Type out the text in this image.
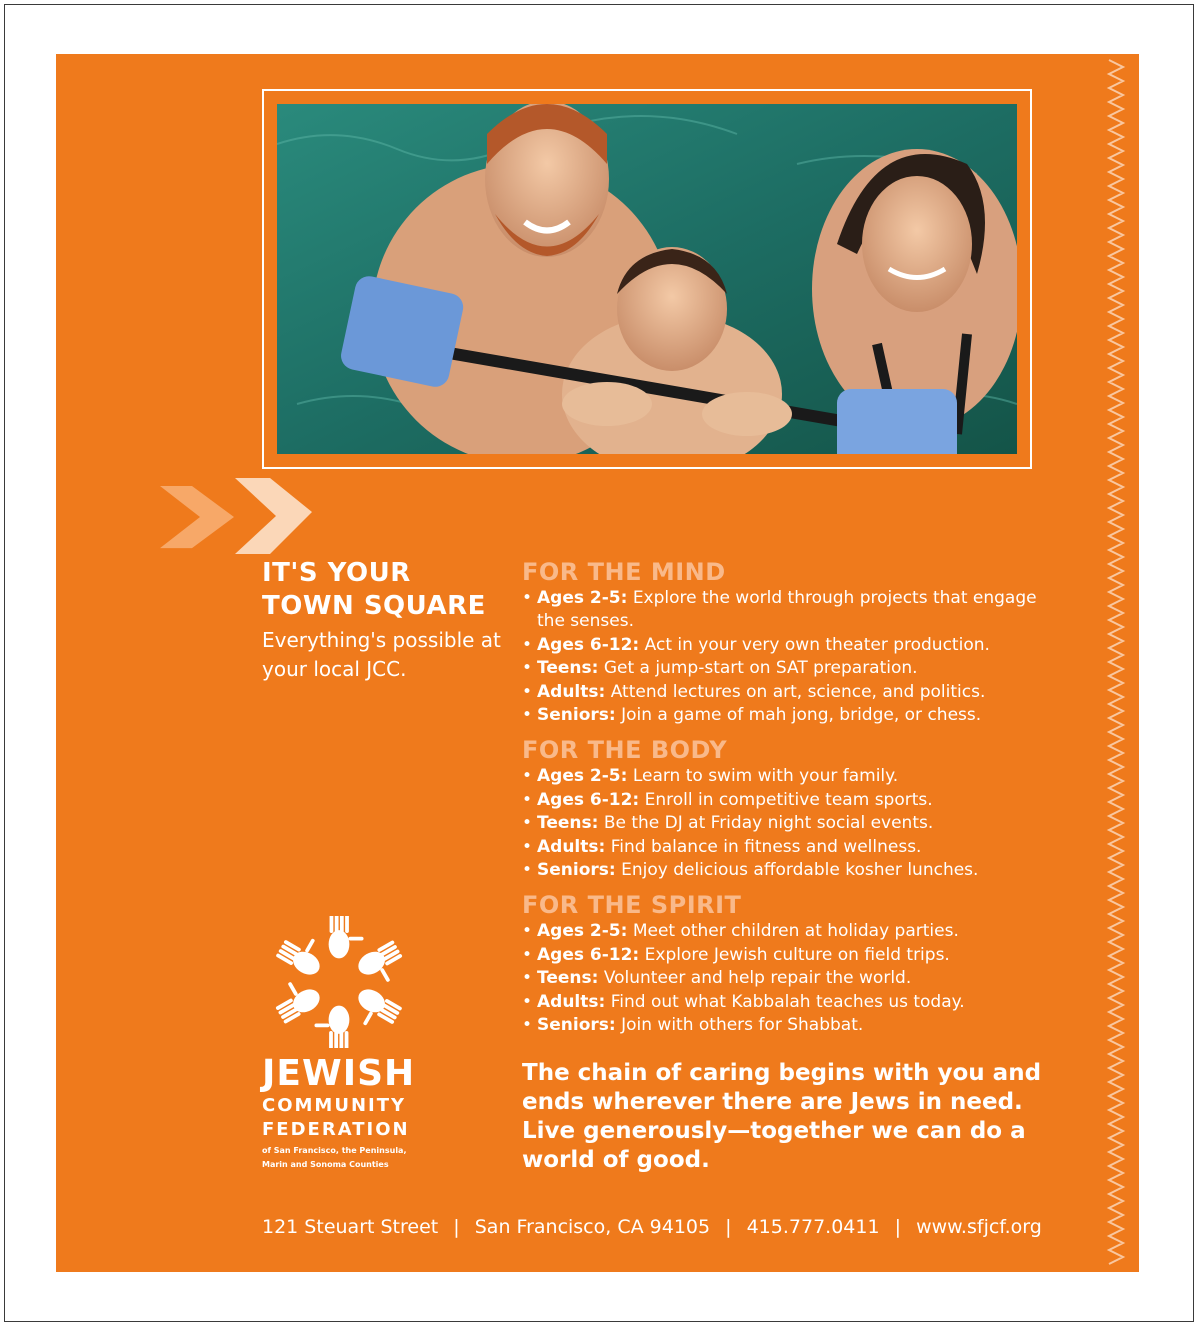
IT'S YOUR
TOWN SQUARE
Everything's possible at your local JCC.
FOR THE MIND
• Ages 2-5: Explore the world through projects that engage the senses.
• Ages 6-12: Act in your very own theater production.
• Teens: Get a jump-start on SAT preparation.
• Adults: Attend lectures on art, science, and politics.
• Seniors: Join a game of mah jong, bridge, or chess.
FOR THE BODY
• Ages 2-5: Learn to swim with your family.
• Ages 6-12: Enroll in competitive team sports.
• Teens: Be the DJ at Friday night social events.
• Adults: Find balance in fitness and wellness.
• Seniors: Enjoy delicious affordable kosher lunches.
FOR THE SPIRIT
• Ages 2-5: Meet other children at holiday parties.
• Ages 6-12: Explore Jewish culture on field trips.
• Teens: Volunteer and help repair the world.
• Adults: Find out what Kabbalah teaches us today.
• Seniors: Join with others for Shabbat.
The chain of caring begins with you and
ends wherever there are Jews in need.
Live generously—together we can do a
world of good.
JEWISH
COMMUNITY
FEDERATION
of San Francisco, the Peninsula,
Marin and Sonoma Counties
121 Steuart Street | San Francisco, CA 94105 | 415.777.0411 | www.sfjcf.org
